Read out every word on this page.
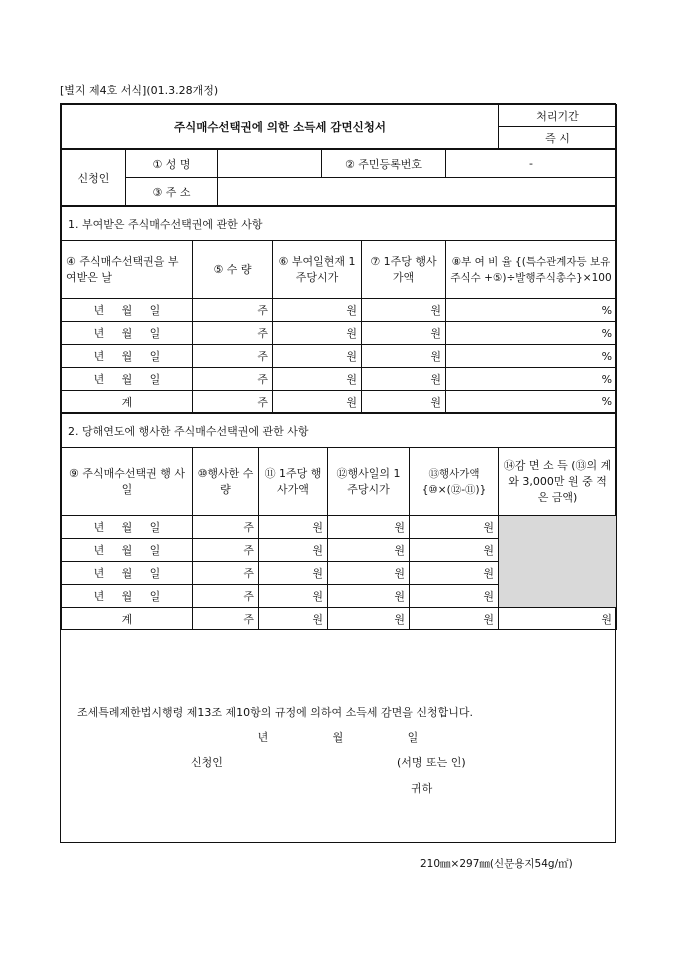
[별지 제4호 서식](01.3.28개정)
주식매수선택권에 의한 소득세 감면신청서	처리기간
즉 시
신청인	① 성 명		② 주민등록번호	-
	③ 주 소			
1. 부여받은 주식매수선택권에 관한 사항				
④ 주식매수선택권을 부여받은 날	⑤ 수 량	⑥ 부여일현재 1주당시가	⑦ 1주당 행사가액	⑧부 여 비 율 {(특수관계자등 보유주식수 +⑤)÷발행주식총수}×100
년 월 일	주	원	원	%
년 월 일	주	원	원	%
년 월 일	주	원	원	%
년 월 일	주	원	원	%
계	주	원	원	%
2. 당해연도에 행사한 주식매수선택권에 관한 사항					
⑨ 주식매수선택권 행 사 일	⑩행사한 수량	⑪ 1주당 행사가액	⑫행사일의 1주당시가	⑬행사가액 {⑩×(⑫-⑪)}	⑭감 면 소 득 (⑬의 계와 3,000만 원 중 적은 금액)
년 월 일	주	원	원	원	
년 월 일	주	원	원	원	
년 월 일	주	원	원	원	
년 월 일	주	원	원	원	
계	주	원	원	원	원
조세특례제한법시행령 제13조 제10항의 규정에 의하여 소득세 감면을 신청합니다.
년	월	일
신청인	(서명 또는 인)
귀하
210㎜×297㎜(신문용지54g/㎡)
